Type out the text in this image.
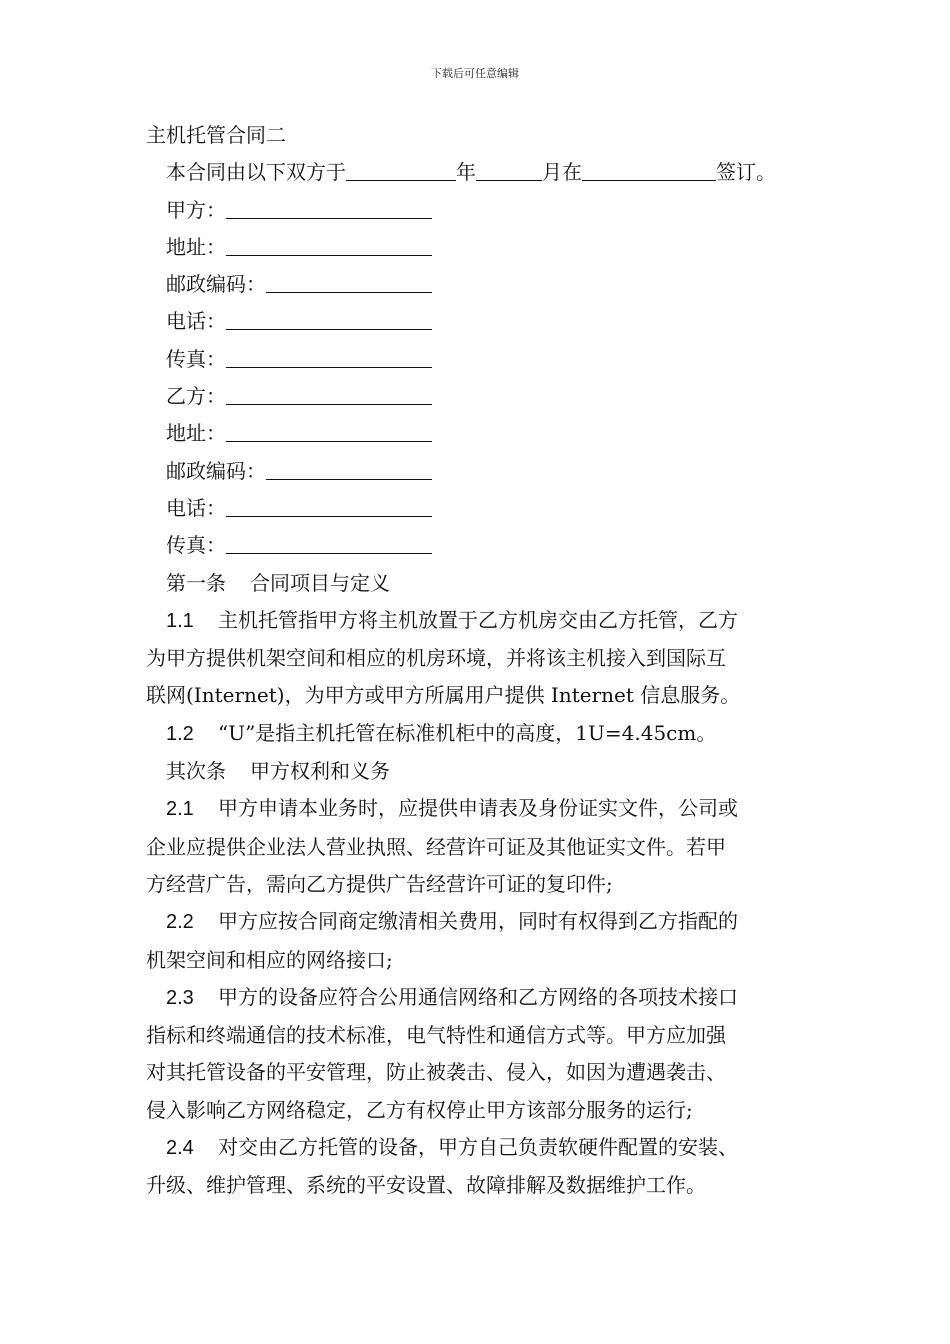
下载后可任意编辑
主机托管合同二
本合同由以下双方于	年	月在	签订。
甲方：
地址：
邮政编码：
电话：
传真：
乙方：
地址：
邮政编码：
电话：
传真：
第一条 合同项目与定义
1.1 主机托管指甲方将主机放置于乙方机房交由乙方托管，乙方
为甲方提供机架空间和相应的机房环境，并将该主机接入到国际互
联网(Internet)，为甲方或甲方所属用户提供 Internet 信息服务。
1.2 “U”是指主机托管在标准机柜中的高度，1U=4.45cm。
其次条 甲方权利和义务
2.1 甲方申请本业务时，应提供申请表及身份证实文件，公司或
企业应提供企业法人营业执照、经营许可证及其他证实文件。若甲
方经营广告，需向乙方提供广告经营许可证的复印件;
2.2 甲方应按合同商定缴清相关费用，同时有权得到乙方指配的
机架空间和相应的网络接口;
2.3 甲方的设备应符合公用通信网络和乙方网络的各项技术接口
指标和终端通信的技术标准，电气特性和通信方式等。甲方应加强
对其托管设备的平安管理，防止被袭击、侵入，如因为遭遇袭击、
侵入影响乙方网络稳定，乙方有权停止甲方该部分服务的运行;
2.4 对交由乙方托管的设备，甲方自己负责软硬件配置的安装、
升级、维护管理、系统的平安设置、故障排解及数据维护工作。
